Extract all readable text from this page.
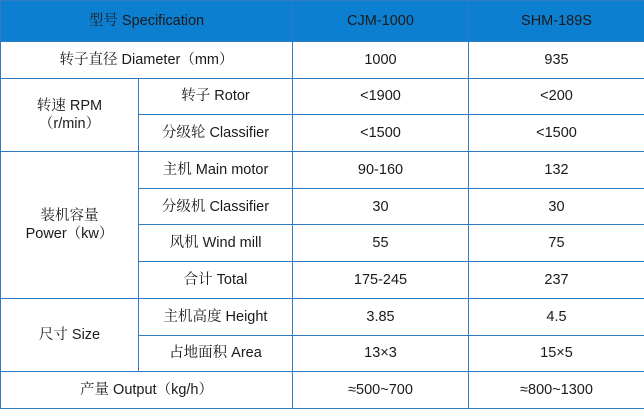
型号 Specification		CJM-1000	SHM-189S
转子直径 Diameter（mm）		1000	935

转速 RPM
（r/min）	转子 Rotor	<1900	<200
	分级轮 Classifier	<1500	<1500

装机容量
Power（kw）	主机 Main motor	90-160	132
	分级机 Classifier	30	30
	风机 Wind mill	55	75
	合计 Total	175-245	237

尺寸 Size	主机高度 Height	3.85	4.5
	占地面积 Area	13×3	15×5
产量 Output（kg/h）		≈500~700	≈800~1300
